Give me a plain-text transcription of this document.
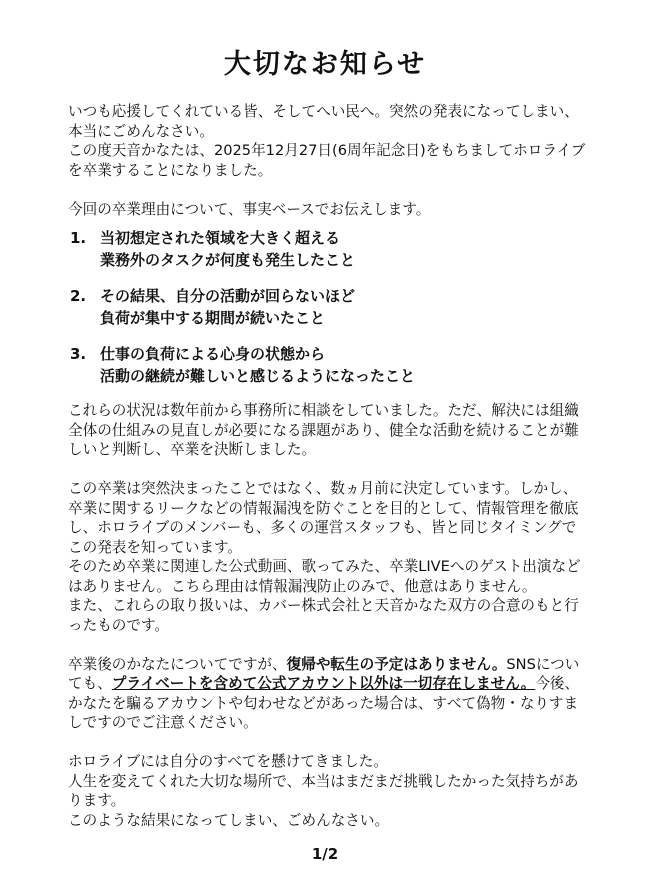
大切なお知らせ

いつも応援してくれている皆、そしてへい民へ。突然の発表になってしまい、本当にごめんなさい。

この度天音かなたは、2025年12月27日(6周年記念日)をもちましてホロライブを卒業することになりました。

今回の卒業理由について、事実ベースでお伝えします。

1. 当初想定された領域を大きく超える
業務外のタスクが何度も発生したこと
2. その結果、自分の活動が回らないほど
負荷が集中する期間が続いたこと
3. 仕事の負荷による心身の状態から
活動の継続が難しいと感じるようになったこと

これらの状況は数年前から事務所に相談をしていました。ただ、解決には組織全体の仕組みの見直しが必要になる課題があり、健全な活動を続けることが難しいと判断し、卒業を決断しました。

この卒業は突然決まったことではなく、数ヵ月前に決定しています。しかし、卒業に関するリークなどの情報漏洩を防ぐことを目的として、情報管理を徹底し、ホロライブのメンバーも、多くの運営スタッフも、皆と同じタイミングでこの発表を知っています。

そのため卒業に関連した公式動画、歌ってみた、卒業LIVEへのゲスト出演などはありません。こちら理由は情報漏洩防止のみで、他意はありません。

また、これらの取り扱いは、カバー株式会社と天音かなた双方の合意のもと行ったものです。

卒業後のかなたについてですが、復帰や転生の予定はありません。SNSについても、プライベートを含めて公式アカウント以外は一切存在しません。今後、かなたを騙るアカウントや匂わせなどがあった場合は、すべて偽物・なりすましですのでご注意ください。

ホロライブには自分のすべてを懸けてきました。

人生を変えてくれた大切な場所で、本当はまだまだ挑戦したかった気持ちがあります。

このような結果になってしまい、ごめんなさい。

1/2
